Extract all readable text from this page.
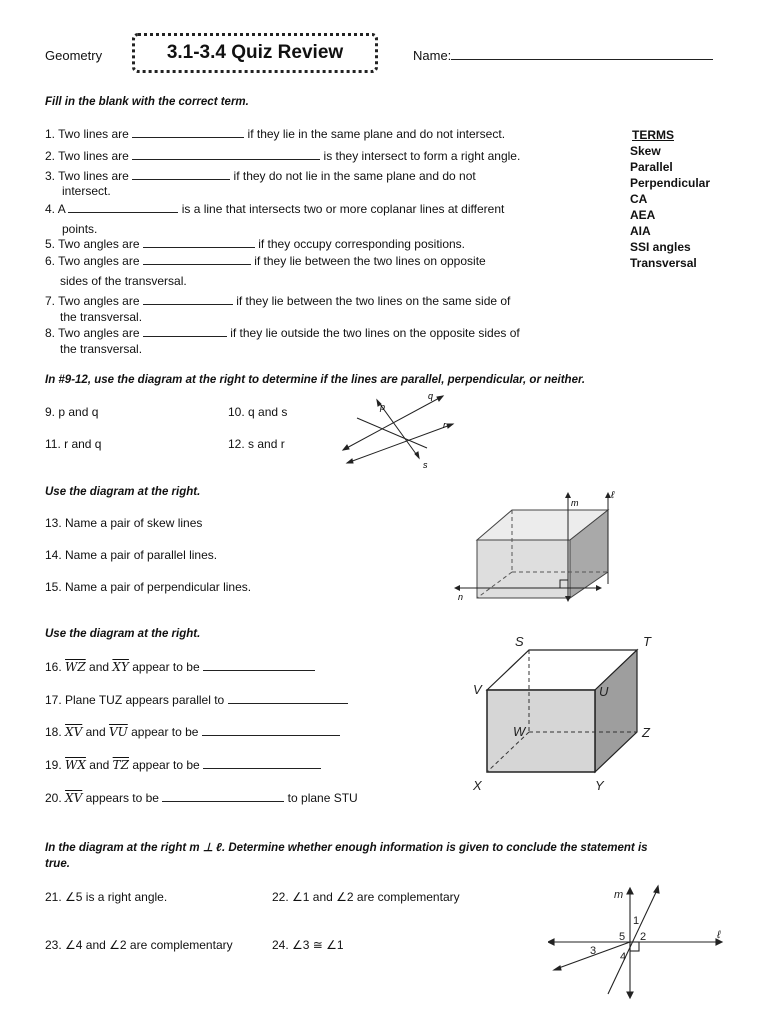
Geometry	3.1-3.4 Quiz Review	Name:
Fill in the blank with the correct term.
1. Two lines are	if they lie in the same plane and do not intersect.
2. Two lines are	is they intersect to form a right angle.
3. Two lines are	if they do not lie in the same plane and do not
intersect.
4. A	is a line that intersects two or more coplanar lines at different
points.
5. Two angles are	if they occupy corresponding positions.
6. Two angles are	if they lie between the two lines on opposite
sides of the transversal.
7. Two angles are	if they lie between the two lines on the same side of
the transversal.
8. Two angles are	if they lie outside the two lines on the opposite sides of
the transversal.
TERMS
Skew
Parallel
Perpendicular
CA
AEA
AIA
SSI angles
Transversal
In #9-12, use the diagram at the right to determine if the lines are parallel, perpendicular, or neither.
9. p and q	10. q and s
11. r and q	12. s and r
p
q
r
s
Use the diagram at the right.
13. Name a pair of skew lines
14. Name a pair of parallel lines.
15. Name a pair of perpendicular lines.
m
ℓ
n
Use the diagram at the right.
16. $\overline{WZ}$ and $\overline{XY}$ appear to be
17. Plane TUZ appears parallel to
18. $\overline{XV}$ and $\overline{VU}$ appear to be
19. $\overline{WX}$ and $\overline{TZ}$ appear to be
20. $\overline{XV}$ appears to be	to plane STU
S	T
V	U
W	Z
X	Y
In the diagram at the right m ⊥ ℓ. Determine whether enough information is given to conclude the statement is
true.
21. ∠5 is a right angle.	22. ∠1 and ∠2 are complementary
23. ∠4 and ∠2 are complementary	24. ∠3 ≅ ∠1
m
ℓ
1
2
3 4
5
